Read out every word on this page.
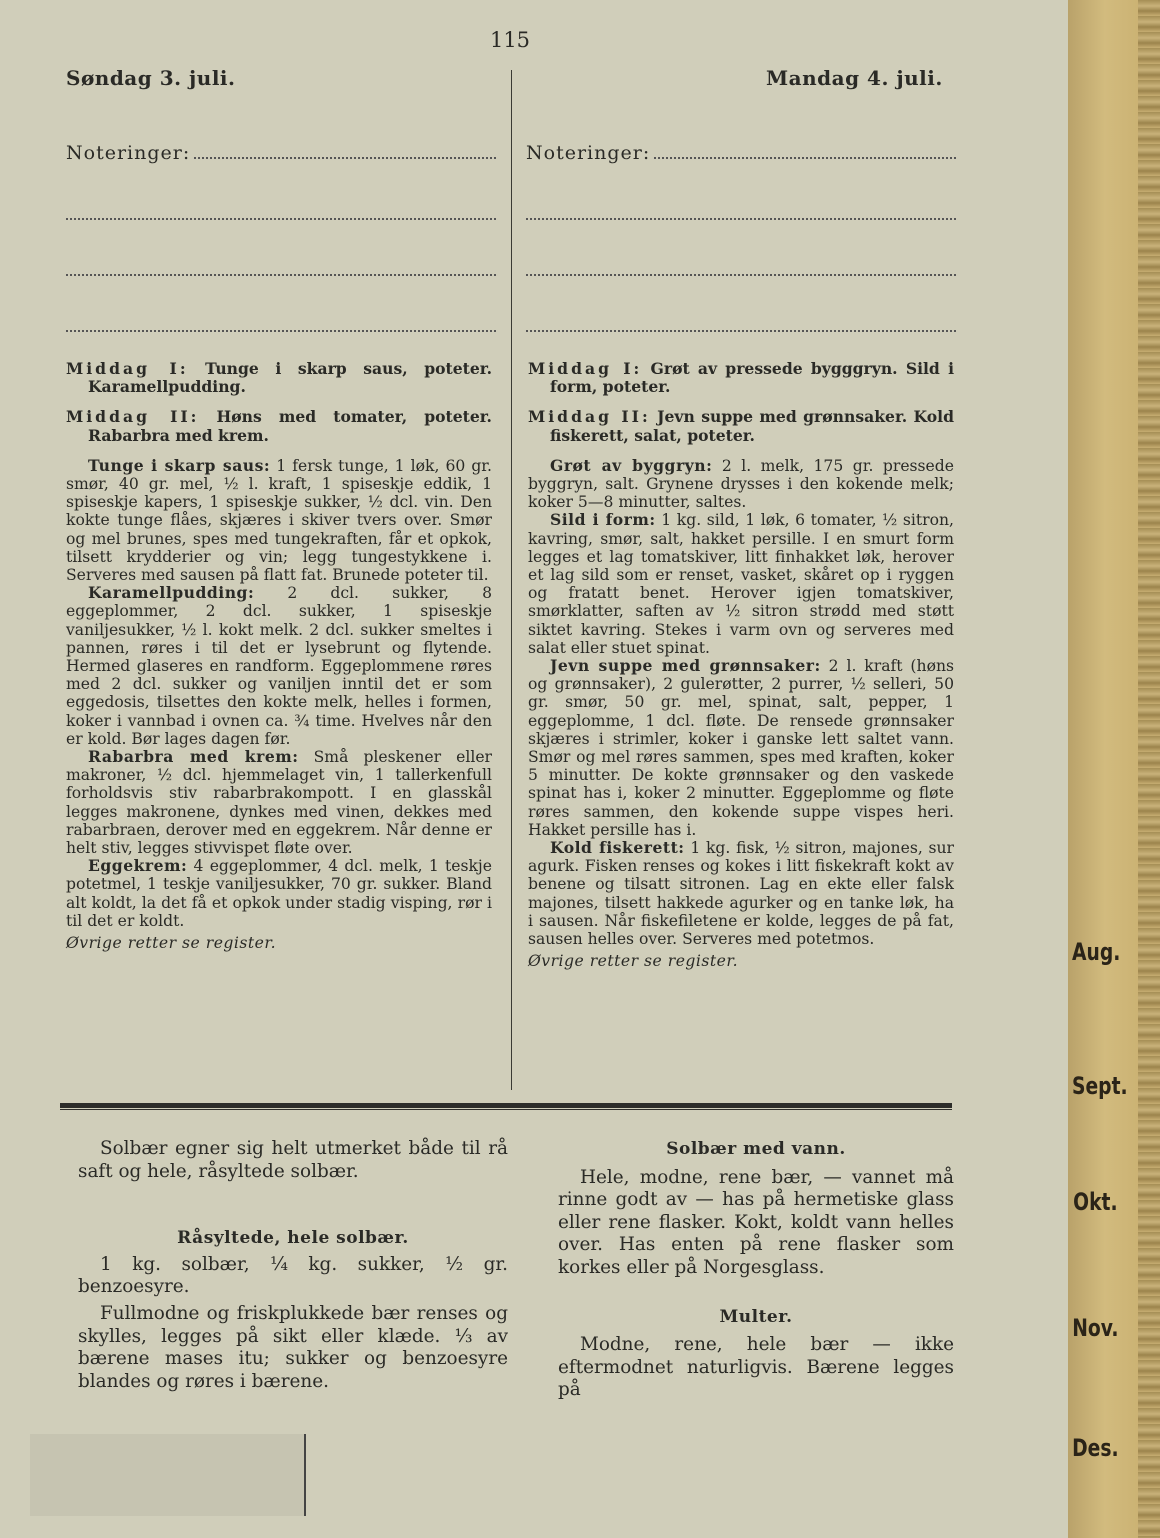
115
Søndag 3. juli.	Mandag 4. juli.
Noteringer:	Noteringer:

Middag I: Tunge i skarp saus, poteter. Karamellpudding.

Middag II: Høns med tomater, poteter. Rabarbra med krem.

Tunge i skarp saus: 1 fersk tunge, 1 løk, 60 gr. smør, 40 gr. mel, ½ l. kraft, 1 spiseskje eddik, 1 spiseskje kapers, 1 spiseskje sukker, ½ dcl. vin. Den kokte tunge flåes, skjæres i skiver tvers over. Smør og mel brunes, spes med tungekraften, får et opkok, tilsett krydderier og vin; legg tungestykkene i. Serveres med sausen på flatt fat. Brunede poteter til.

Karamellpudding: 2 dcl. sukker, 8 eggeplommer, 2 dcl. sukker, 1 spiseskje vaniljesukker, ½ l. kokt melk. 2 dcl. sukker smeltes i pannen, røres i til det er lysebrunt og flytende. Hermed glaseres en randform. Eggeplommene røres med 2 dcl. sukker og vaniljen inntil det er som eggedosis, tilsettes den kokte melk, helles i formen, koker i vannbad i ovnen ca. ¾ time. Hvelves når den er kold. Bør lages dagen før.

Rabarbra med krem: Små pleskener eller makroner, ½ dcl. hjemmelaget vin, 1 tallerkenfull forholdsvis stiv rabarbrakompott. I en glasskål legges makronene, dynkes med vinen, dekkes med rabarbraen, derover med en eggekrem. Når denne er helt stiv, legges stivvispet fløte over.

Eggekrem: 4 eggeplommer, 4 dcl. melk, 1 teskje potetmel, 1 teskje vaniljesukker, 70 gr. sukker. Bland alt koldt, la det få et opkok under stadig visping, rør i til det er koldt.

Øvrige retter se register.

Middag I: Grøt av pressede bygggryn. Sild i form, poteter.

Middag II: Jevn suppe med grønnsaker. Kold fiskerett, salat, poteter.

Grøt av byggryn: 2 l. melk, 175 gr. pressede byggryn, salt. Grynene drysses i den kokende melk; koker 5—8 minutter, saltes.

Sild i form: 1 kg. sild, 1 løk, 6 tomater, ½ sitron, kavring, smør, salt, hakket persille. I en smurt form legges et lag tomatskiver, litt finhakket løk, herover et lag sild som er renset, vasket, skåret op i ryggen og fratatt benet. Herover igjen tomatskiver, smørklatter, saften av ½ sitron strødd med støtt siktet kavring. Stekes i varm ovn og serveres med salat eller stuet spinat.

Jevn suppe med grønnsaker: 2 l. kraft (høns og grønnsaker), 2 gulerøtter, 2 purrer, ½ selleri, 50 gr. smør, 50 gr. mel, spinat, salt, pepper, 1 eggeplomme, 1 dcl. fløte. De rensede grønnsaker skjæres i strimler, koker i ganske lett saltet vann. Smør og mel røres sammen, spes med kraften, koker 5 minutter. De kokte grønnsaker og den vaskede spinat has i, koker 2 minutter. Eggeplomme og fløte røres sammen, den kokende suppe vispes heri. Hakket persille has i.

Kold fiskerett: 1 kg. fisk, ½ sitron, majones, sur agurk. Fisken renses og kokes i litt fiskekraft kokt av benene og tilsatt sitronen. Lag en ekte eller falsk majones, tilsett hakkede agurker og en tanke løk, ha i sausen. Når fiskefiletene er kolde, legges de på fat, sausen helles over. Serveres med potetmos.

Øvrige retter se register.

Solbær egner sig helt utmerket både til rå saft og hele, råsyltede solbær.

Råsyltede, hele solbær.

1 kg. solbær, ¼ kg. sukker, ½ gr. benzoesyre.

Fullmodne og friskplukkede bær renses og skylles, legges på sikt eller klæde. ⅓ av bærene mases itu; sukker og benzoesyre blandes og røres i bærene.

Solbær med vann.

Hele, modne, rene bær, — vannet må rinne godt av — has på hermetiske glass eller rene flasker. Kokt, koldt vann helles over. Has enten på rene flasker som korkes eller på Norgesglass.

Multer.

Modne, rene, hele bær — ikke eftermodnet naturligvis. Bærene legges på

Aug.
Sept.
Okt.
Nov.
Des.
